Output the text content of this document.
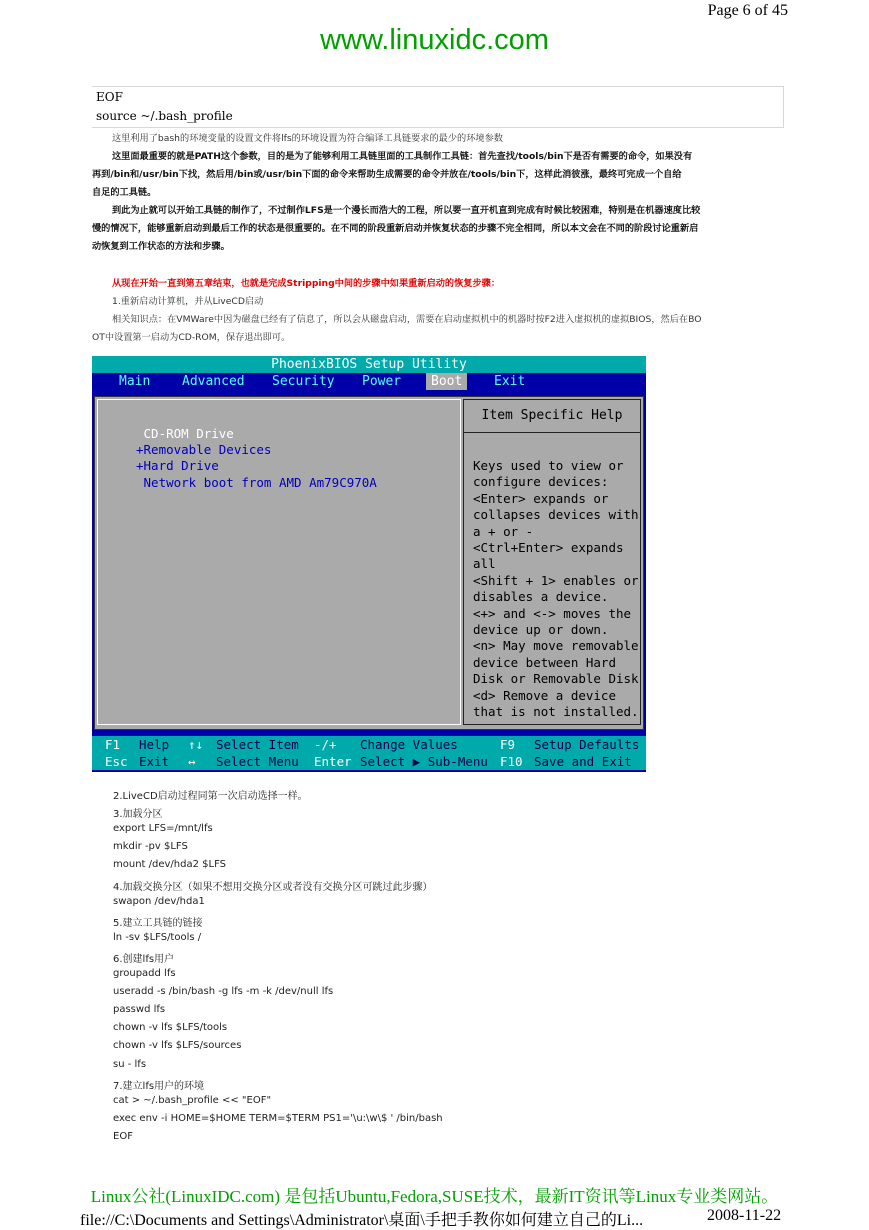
Page 6 of 45
www.linuxidc.com
EOF
source ~/.bash_profile
这里利用了bash的环境变量的设置文件将lfs的环境设置为符合编译工具链要求的最少的环境参数
这里面最重要的就是PATH这个参数，目的是为了能够利用工具链里面的工具制作工具链：首先查找/tools/bin下是否有需要的命令，如果没有
再到/bin和/usr/bin下找，然后用/bin或/usr/bin下面的命令来帮助生成需要的命令并放在/tools/bin下，这样此消彼涨，最终可完成一个自给
自足的工具链。
到此为止就可以开始工具链的制作了，不过制作LFS是一个漫长而浩大的工程，所以要一直开机直到完成有时候比较困难，特别是在机器速度比较
慢的情况下，能够重新启动到最后工作的状态是很重要的。在不同的阶段重新启动并恢复状态的步骤不完全相同，所以本文会在不同的阶段讨论重新启
动恢复到工作状态的方法和步骤。
从现在开始一直到第五章结束，也就是完成Stripping中间的步骤中如果重新启动的恢复步骤：
1.重新启动计算机，并从LiveCD启动
相关知识点：在VMWare中因为磁盘已经有了信息了，所以会从磁盘启动，需要在启动虚拟机中的机器时按F2进入虚拟机的虚拟BIOS，然后在BO
OT中设置第一启动为CD-ROM，保存退出即可。
PhoenixBIOS Setup Utility
Main Advanced Security Power	Boot	Exit
CD-ROM Drive
+Removable Devices
+Hard Drive
Network boot from AMD Am79C970A
Item Specific Help
Keys used to view or
configure devices:
<Enter> expands or
collapses devices with
a + or -
<Ctrl+Enter> expands
all
<Shift + 1> enables or
disables a device.
<+> and <-> moves the
device up or down.
<n> May move removable
device between Hard
Disk or Removable Disk
<d> Remove a device
that is not installed.
F1 Help ↑↓ Select Item -/+ Change Values	F9 Setup Defaults
Esc Exit ↔ Select Menu Enter Select ▶ Sub-Menu F10 Save and Exit
2.LiveCD启动过程同第一次启动选择一样。
3.加载分区
export LFS=/mnt/lfs
mkdir -pv $LFS
mount /dev/hda2 $LFS
4.加载交换分区（如果不想用交换分区或者没有交换分区可跳过此步骤）
swapon /dev/hda1
5.建立工具链的链接
ln -sv $LFS/tools /
6.创建lfs用户
groupadd lfs
useradd -s /bin/bash -g lfs -m -k /dev/null lfs
passwd lfs
chown -v lfs $LFS/tools
chown -v lfs $LFS/sources
su - lfs
7.建立lfs用户的环境
cat > ~/.bash_profile << "EOF"
exec env -i HOME=$HOME TERM=$TERM PS1='\u:\w\$ ' /bin/bash
EOF
Linux公社(LinuxIDC.com) 是包括Ubuntu,Fedora,SUSE技术，最新IT资讯等Linux专业类网站。
file://C:\Documents and Settings\Administrator\桌面\手把手教你如何建立自己的Li...	2008-11-22
